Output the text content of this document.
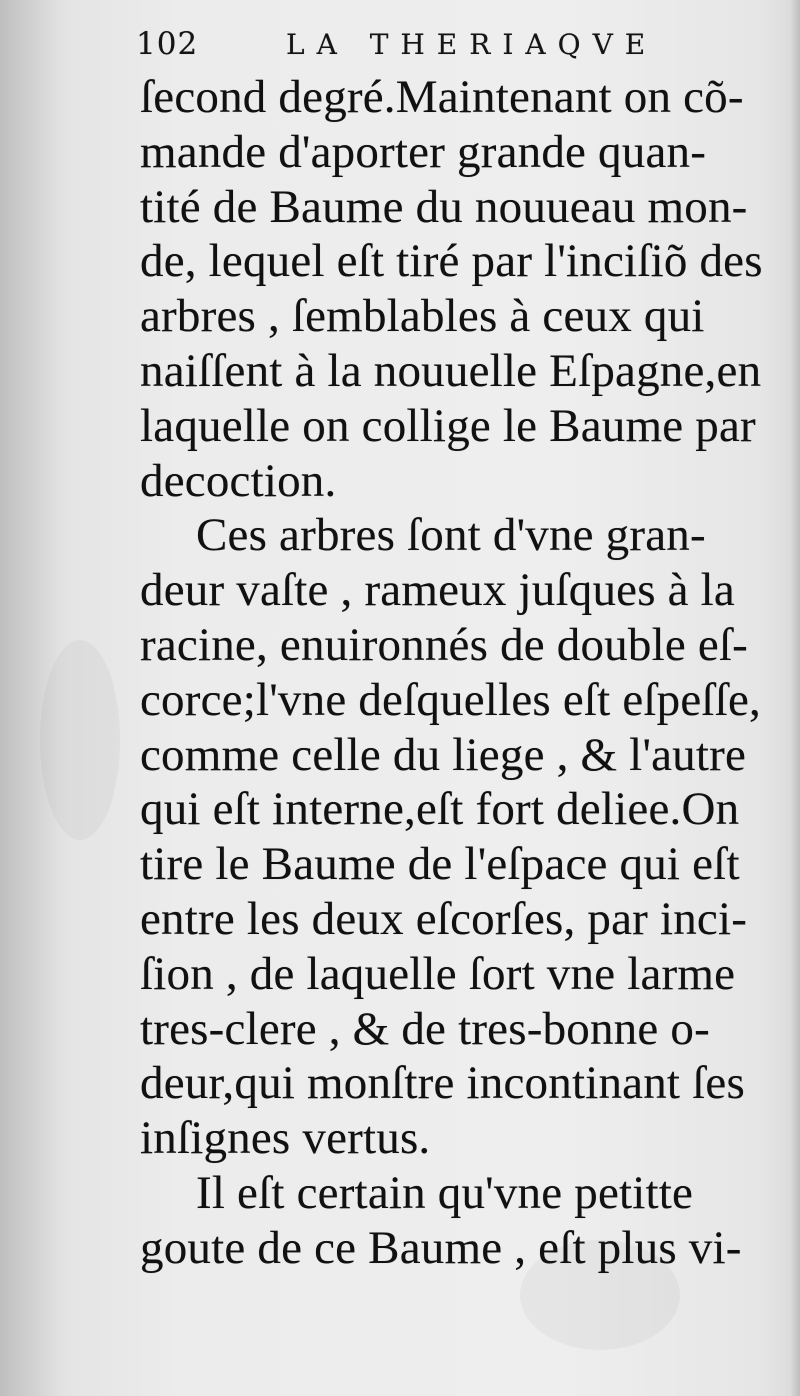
102	LA THERIAQVE
ſecond degré.Maintenant on cõ-
mande d'aporter grande quan-
tité de Baume du nouueau mon-
de, lequel eſt tiré par l'inciſiõ des
arbres , ſemblables à ceux qui
naiſſent à la nouuelle Eſpagne,en
laquelle on collige le Baume par
decoction.
Ces arbres ſont d'vne gran-
deur vaſte , rameux juſques à la
racine, enuironnés de double eſ-
corce;l'vne deſquelles eſt eſpeſſe,
comme celle du liege , & l'autre
qui eſt interne,eſt fort deliee.On
tire le Baume de l'eſpace qui eſt
entre les deux eſcorſes, par inci-
ſion , de laquelle ſort vne larme
tres-clere , & de tres-bonne o-
deur,qui monſtre incontinant ſes
inſignes vertus.
Il eſt certain qu'vne petitte
goute de ce Baume , eſt plus vi-
